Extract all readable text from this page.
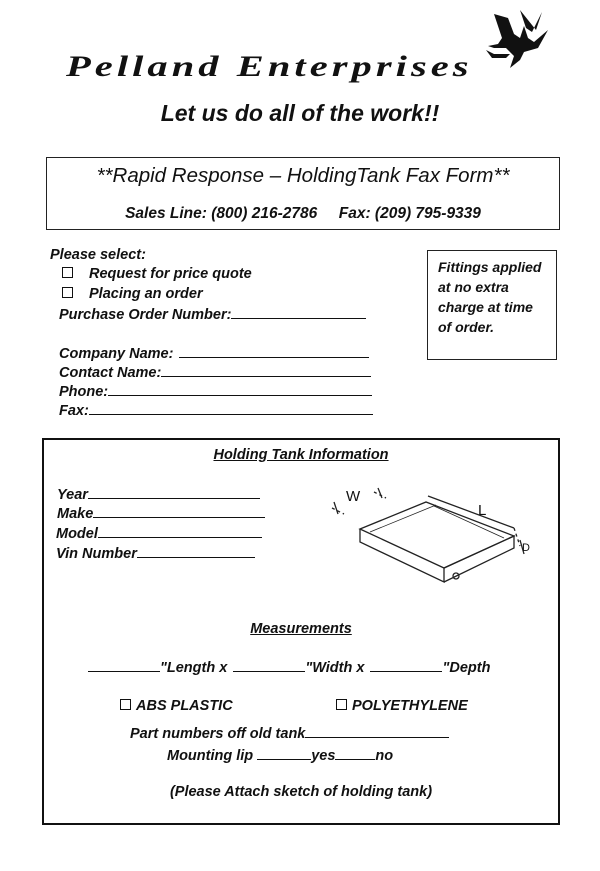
Pelland Enterprises
Let us do all of the work!!
**Rapid Response – HoldingTank Fax Form**
Sales Line: (800) 216-2786     Fax: (209) 795-9339
Please select:
Request for price quote
Placing an order
Purchase Order Number:
Fittings applied at no extra charge at time of order.
Company Name:
Contact Name:
Phone:
Fax:
Holding Tank Information
Year
Make
Model
Vin Number
Measurements
"Length x	"Width x	"Depth
ABS PLASTIC	POLYETHYLENE
Part numbers off old tank
Mounting lip	yes	no
(Please Attach sketch of holding tank)
W
L
D
